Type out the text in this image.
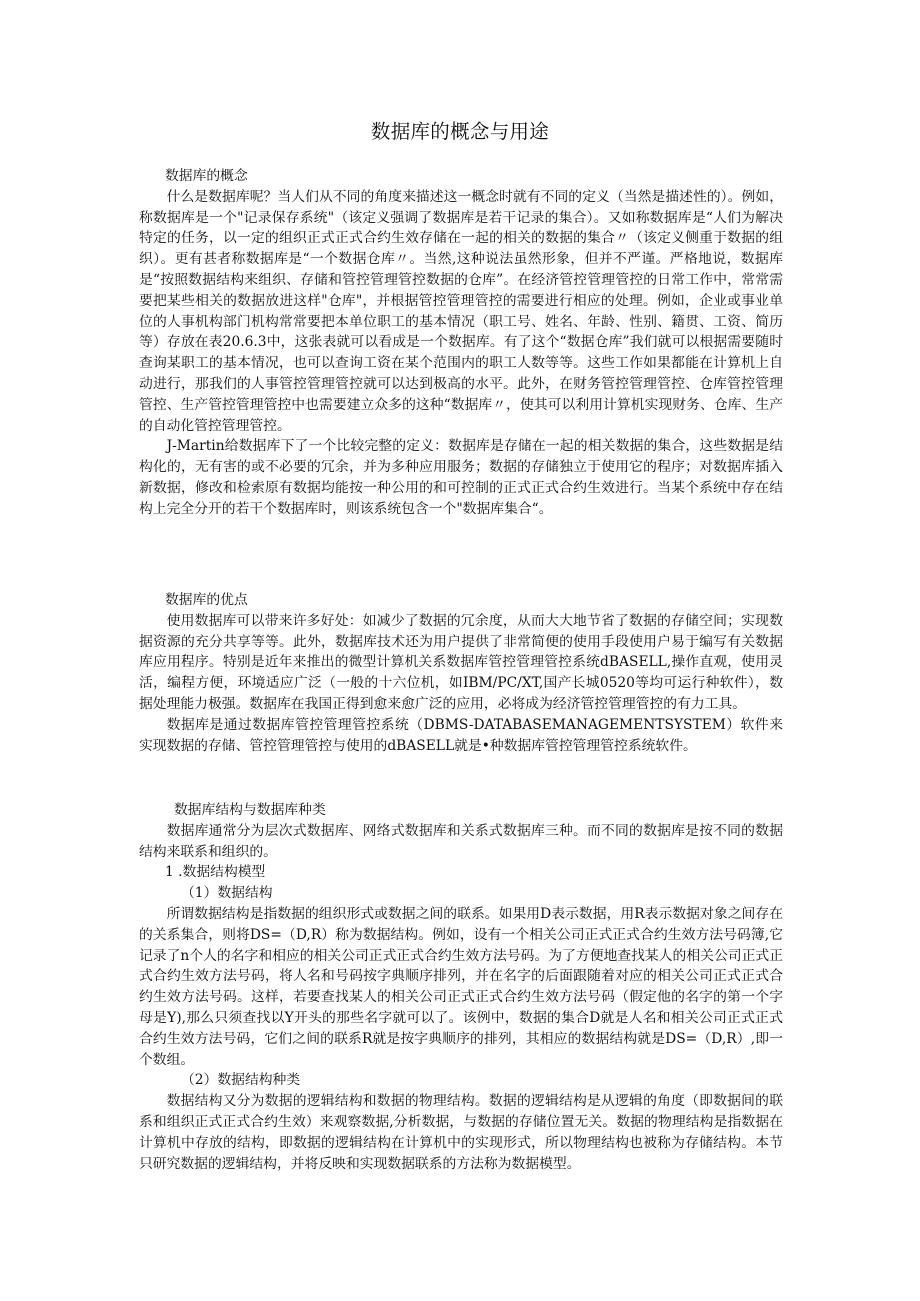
数据库的概念与用途

数据库的概念

什么是数据库呢？当人们从不同的角度来描述这一概念时就有不同的定义（当然是描述性的）。例如，称数据库是一个"记录保存系统"（该定义强调了数据库是若干记录的集合）。又如称数据库是“人们为解决特定的任务，以一定的组织正式正式合约生效存储在一起的相关的数据的集合〃（该定义侧重于数据的组织）。更有甚者称数据库是“一个数据仓库〃。当然,这种说法虽然形象，但并不严谨。严格地说，数据库是“按照数据结构来组织、存储和管控管理管控数据的仓库”。在经济管控管理管控的日常工作中，常常需要把某些相关的数据放进这样"仓库"，并根据管控管理管控的需要进行相应的处理。例如，企业或事业单位的人事机构部门机构常常要把本单位职工的基本情况（职工号、姓名、年龄、性别、籍贯、工资、简历等）存放在表20.6.3中，这张表就可以看成是一个数据库。有了这个“数据仓库”我们就可以根据需要随时查询某职工的基本情况，也可以查询工资在某个范围内的职工人数等等。这些工作如果都能在计算机上自动进行，那我们的人事管控管理管控就可以达到极高的水平。此外，在财务管控管理管控、仓库管控管理管控、生产管控管理管控中也需要建立众多的这种“数据库〃，使其可以利用计算机实现财务、仓库、生产的自动化管控管理管控。

J-Martin给数据库下了一个比较完整的定义：数据库是存储在一起的相关数据的集合，这些数据是结构化的，无有害的或不必要的冗余，并为多种应用服务；数据的存储独立于使用它的程序；对数据库插入新数据，修改和检索原有数据均能按一种公用的和可控制的正式正式合约生效进行。当某个系统中存在结构上完全分开的若干个数据库时，则该系统包含一个"数据库集合“。

数据库的优点

使用数据库可以带来许多好处：如减少了数据的冗余度，从而大大地节省了数据的存储空间；实现数据资源的充分共享等等。此外，数据库技术还为用户提供了非常简便的使用手段使用户易于编写有关数据库应用程序。特别是近年来推出的微型计算机关系数据库管控管理管控系统dBASELL,操作直观，使用灵活，编程方便，环境适应广泛（一般的十六位机，如IBM/PC/XT,国产长城0520等均可运行种软件），数据处理能力极强。数据库在我国正得到愈来愈广泛的应用，必将成为经济管控管理管控的有力工具。

数据库是通过数据库管控管理管控系统（DBMS-DATABASEMANAGEMENTSYSTEM）软件来实现数据的存储、管控管理管控与使用的dBASELL就是•种数据库管控管理管控系统软件。

数据库结构与数据库种类

数据库通常分为层次式数据库、网络式数据库和关系式数据库三种。而不同的数据库是按不同的数据结构来联系和组织的。

1 .数据结构模型

（1）数据结构

所谓数据结构是指数据的组织形式或数据之间的联系。如果用D表示数据，用R表示数据对象之间存在的关系集合，则将DS=（D,R）称为数据结构。例如，设有一个相关公司正式正式合约生效方法号码簿,它记录了n个人的名字和相应的相关公司正式正式合约生效方法号码。为了方便地查找某人的相关公司正式正式合约生效方法号码，将人名和号码按字典顺序排列，并在名字的后面跟随着对应的相关公司正式正式合约生效方法号码。这样，若要查找某人的相关公司正式正式合约生效方法号码（假定他的名字的第一个字母是Y),那么只须查找以Y开头的那些名字就可以了。该例中，数据的集合D就是人名和相关公司正式正式合约生效方法号码，它们之间的联系R就是按字典顺序的排列，其相应的数据结构就是DS=（D,R）,即一个数组。

（2）数据结构种类

数据结构又分为数据的逻辑结构和数据的物理结构。数据的逻辑结构是从逻辑的角度（即数据间的联系和组织正式正式合约生效）来观察数据,分析数据，与数据的存储位置无关。数据的物理结构是指数据在计算机中存放的结构，即数据的逻辑结构在计算机中的实现形式，所以物理结构也被称为存储结构。本节只研究数据的逻辑结构，并将反映和实现数据联系的方法称为数据模型。
